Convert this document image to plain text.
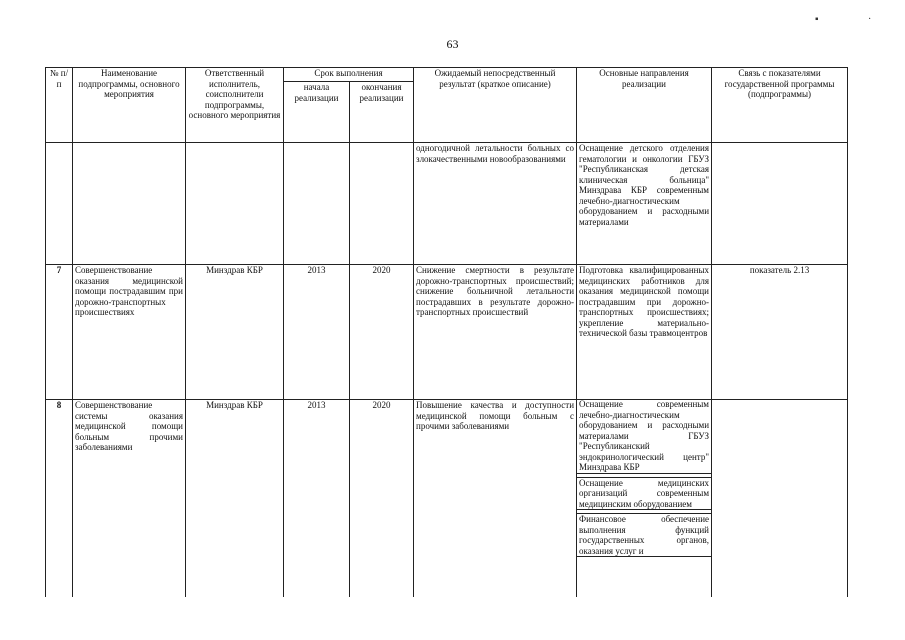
63
▪	·
№ п/п	Наименование подпрограммы, основного мероприятия	Ответственный исполнитель, соисполнители подпрограммы, основного мероприятия	Срок выполнения		Ожидаемый непосредственный результат (краткое описание)	Основные направления реализации	Связь с показателями государственной программы (подпрограммы)
			начала реализации	окончания реализации			
					одногодичной летальности больных со злокачественными новообразованиями	Оснащение детского отделения гематологии и онкологии ГБУЗ "Республиканская детская клиническая больница" Минздрава КБР современным лечебно-диагностическим оборудованием и расходными материалами	
7	Совершенствование оказания медицинской помощи пострадавшим при дорожно-транспортных происшествиях	Минздрав КБР	2013	2020	Снижение смертности в результате дорожно-транспортных происшествий; снижение больничной летальности пострадавших в результате дорожно-транспортных происшествий	Подготовка квалифицированных медицинских работников для оказания медицинской помощи пострадавшим при дорожно-транспортных происшествиях; укрепление материально-технической базы травмоцентров	показатель 2.13
8	Совершенствование системы оказания медицинской помощи больным прочими заболеваниями	Минздрав КБР	2013	2020	Повышение качества и доступности медицинской помощи больным с прочими заболеваниями	Оснащение современным лечебно-диагностическим оборудованием и расходными материалами ГБУЗ "Республиканский эндокринологический центр" Минздрава КБР
Оснащение медицинских организаций современным медицинским оборудованием
Финансовое обеспечение выполнения функций государственных органов, оказания услуг и	
